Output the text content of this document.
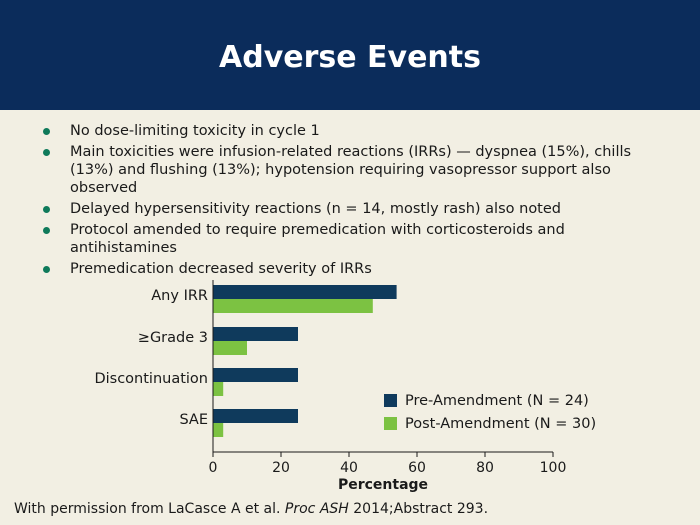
Adverse Events
No dose-limiting toxicity in cycle 1
Main toxicities were infusion-related reactions (IRRs) — dyspnea (15%), chills (13%) and flushing (13%); hypotension requiring vasopressor support also observed
Delayed hypersensitivity reactions (n = 14, mostly rash) also noted
Protocol amended to require premedication with corticosteroids and antihistamines
Premedication decreased severity of IRRs
Any IRR
≥Grade 3
Discontinuation
SAE
0	20	40	60	80	100
Percentage
Pre-Amendment (N = 24)
Post-Amendment (N = 30)
With permission from LaCasce A et al. Proc ASH 2014;Abstract 293.
